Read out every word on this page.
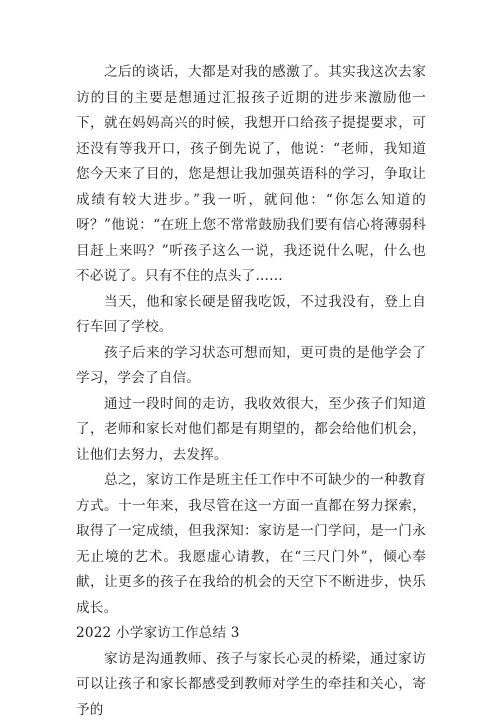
之后的谈话，大都是对我的感激了。其实我这次去家访的目的主要是想通过汇报孩子近期的进步来激励他一下，就在妈妈高兴的时候，我想开口给孩子提提要求，可还没有等我开口，孩子倒先说了，他说：“老师，我知道您今天来了目的，您是想让我加强英语科的学习，争取让成绩有较大进步。”我一听，就问他：“你怎么知道的呀？”他说：“在班上您不常常鼓励我们要有信心将薄弱科目赶上来吗？”听孩子这么一说，我还说什么呢，什么也不必说了。只有不住的点头了……

当天，他和家长硬是留我吃饭，不过我没有，登上自行车回了学校。

孩子后来的学习状态可想而知，更可贵的是他学会了学习，学会了自信。

通过一段时间的走访，我收效很大，至少孩子们知道了，老师和家长对他们都是有期望的，都会给他们机会，让他们去努力，去发挥。

总之，家访工作是班主任工作中不可缺少的一种教育方式。十一年来，我尽管在这一方面一直都在努力探索，取得了一定成绩，但我深知：家访是一门学问，是一门永无止境的艺术。我愿虚心请教，在“三尺门外”，倾心奉献，让更多的孩子在我给的机会的天空下不断进步，快乐成长。

2022 小学家访工作总结 3

家访是沟通教师、孩子与家长心灵的桥梁，通过家访可以让孩子和家长都感受到教师对学生的牵挂和关心，寄予的
